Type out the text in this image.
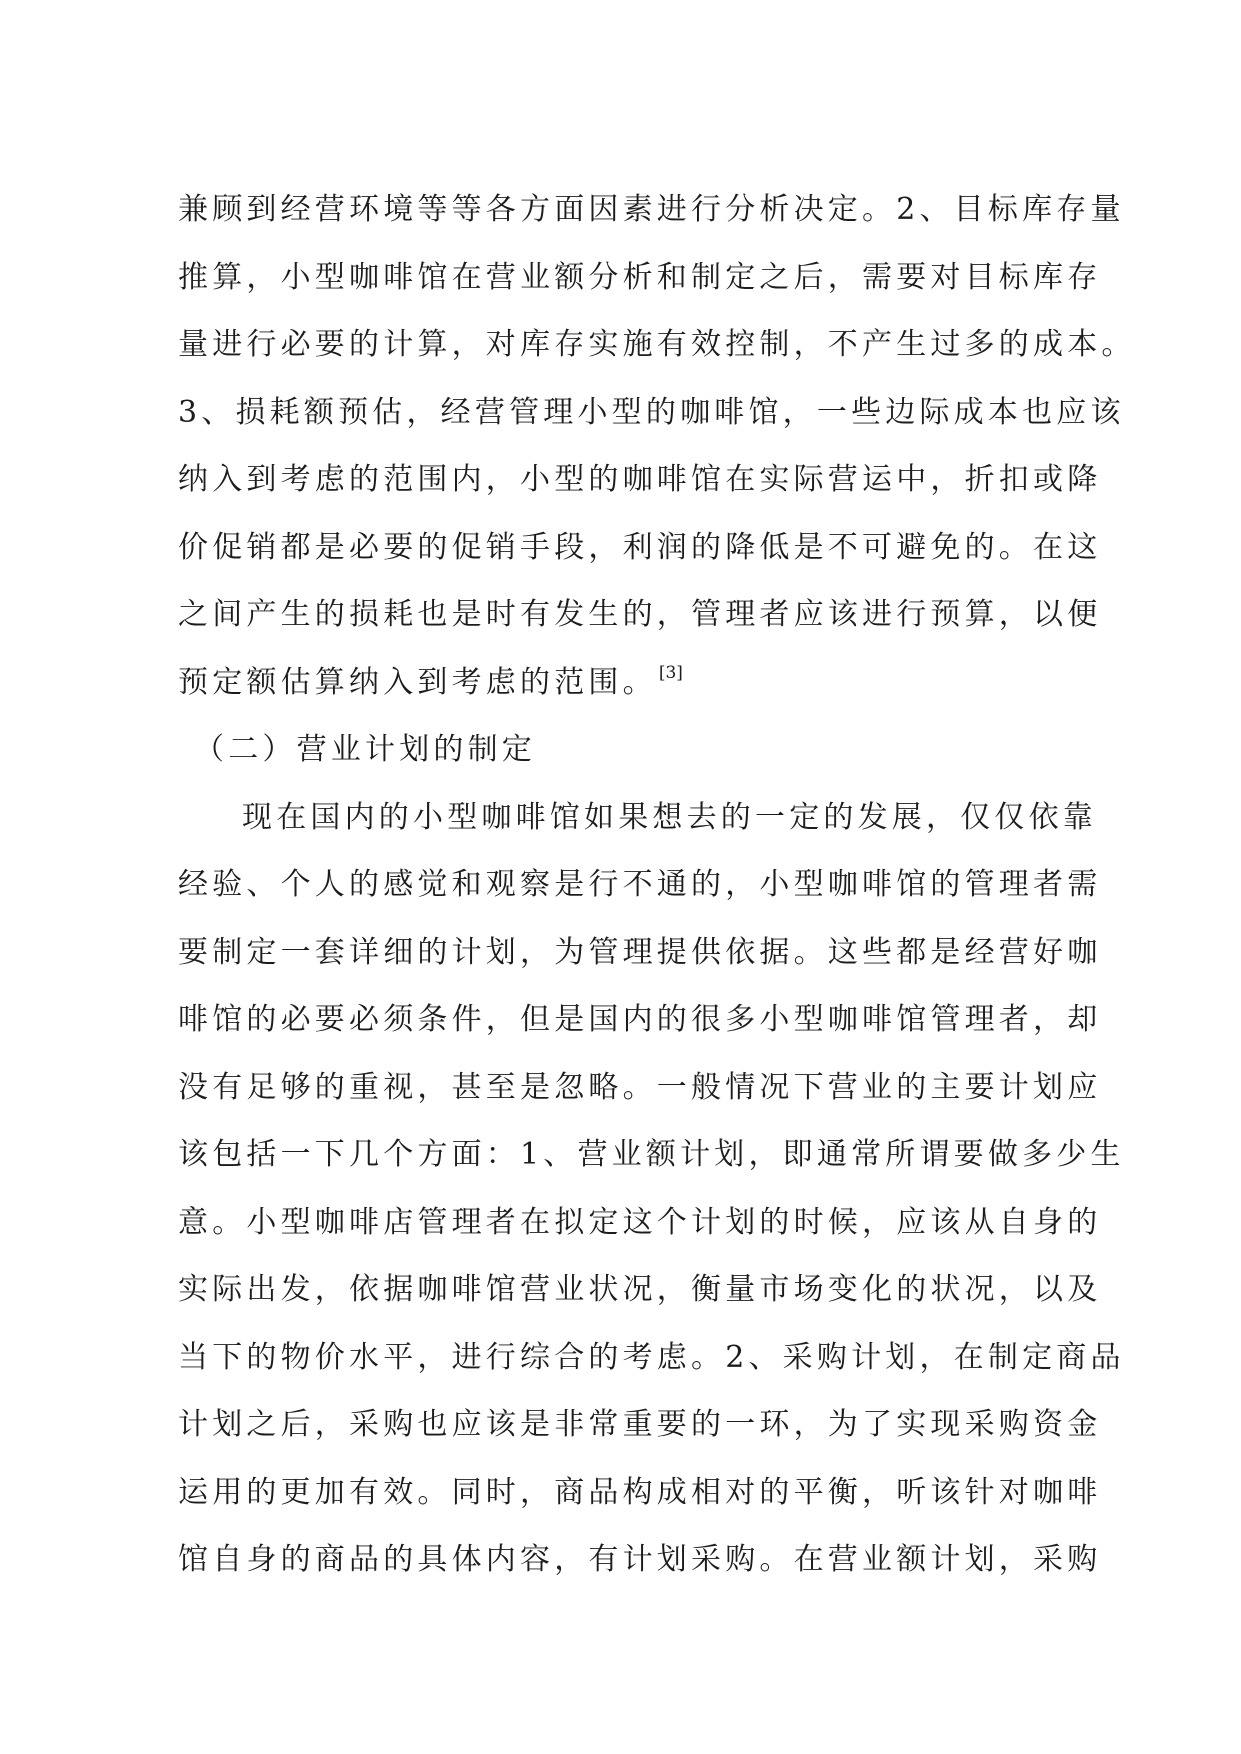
兼顾到经营环境等等各方面因素进行分析决定。2、目标库存量
推算，小型咖啡馆在营业额分析和制定之后，需要对目标库存
量进行必要的计算，对库存实施有效控制，不产生过多的成本。
3、损耗额预估，经营管理小型的咖啡馆，一些边际成本也应该
纳入到考虑的范围内，小型的咖啡馆在实际营运中，折扣或降
价促销都是必要的促销手段，利润的降低是不可避免的。在这
之间产生的损耗也是时有发生的，管理者应该进行预算，以便
预定额估算纳入到考虑的范围。 [3]
（二）营业计划的制定
现在国内的小型咖啡馆如果想去的一定的发展，仅仅依靠
经验、个人的感觉和观察是行不通的，小型咖啡馆的管理者需
要制定一套详细的计划，为管理提供依据。这些都是经营好咖
啡馆的必要必须条件，但是国内的很多小型咖啡馆管理者，却
没有足够的重视，甚至是忽略。一般情况下营业的主要计划应
该包括一下几个方面：1、营业额计划，即通常所谓要做多少生
意。小型咖啡店管理者在拟定这个计划的时候，应该从自身的
实际出发，依据咖啡馆营业状况，衡量市场变化的状况，以及
当下的物价水平，进行综合的考虑。2、采购计划，在制定商品
计划之后，采购也应该是非常重要的一环，为了实现采购资金
运用的更加有效。同时，商品构成相对的平衡，听该针对咖啡
馆自身的商品的具体内容，有计划采购。在营业额计划，采购
